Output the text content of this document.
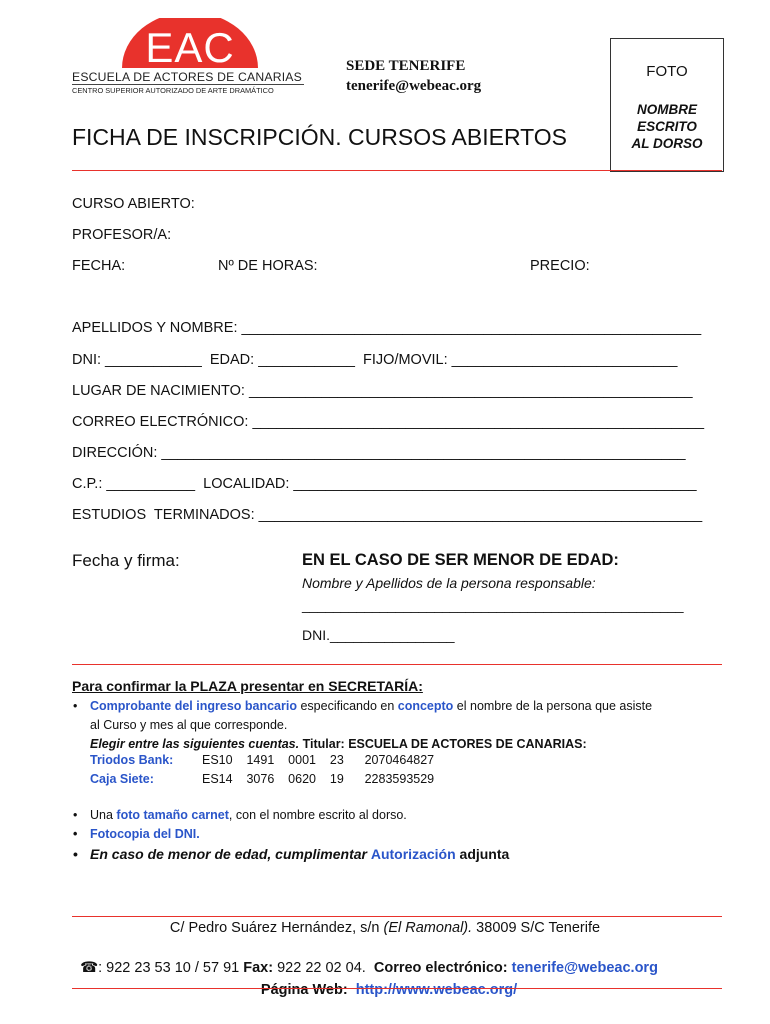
EAC
ESCUELA DE ACTORES DE CANARIAS
CENTRO SUPERIOR AUTORIZADO DE ARTE DRAMÁTICO
SEDE TENERIFE
tenerife@webeac.org
FOTO
NOMBRE
ESCRITO
AL DORSO
FICHA DE INSCRIPCIÓN. CURSOS ABIERTOS
CURSO ABIERTO:
PROFESOR/A:
FECHA:	Nº DE HORAS:	PRECIO:
APELLIDOS Y NOMBRE: _________________________________________________________
DNI: ____________  EDAD: ____________  FIJO/MOVIL: ____________________________
LUGAR DE NACIMIENTO: _______________________________________________________
CORREO ELECTRÓNICO: ________________________________________________________
DIRECCIÓN: _________________________________________________________________
C.P.: ___________  LOCALIDAD: __________________________________________________
ESTUDIOS  TERMINADOS: _______________________________________________________
Fecha y firma:	EN EL CASO DE SER MENOR DE EDAD:
Nombre y Apellidos de la persona responsable:
_________________________________________________
DNI.________________
Para confirmar la PLAZA presentar en SECRETARÍA:
• Comprobante del ingreso bancario especificando en concepto el nombre de la persona que asiste
al Curso y mes al que corresponde.
Elegir entre las siguientes cuentas. Titular: ESCUELA DE ACTORES DE CANARIAS:
Triodos Bank: ES10    1491    0001    23      2070464827
Caja Siete:	ES14    3076    0620    19      2283593529
• Una foto tamaño carnet, con el nombre escrito al dorso.
• Fotocopia del DNI.
• En caso de menor de edad, cumplimentar Autorización adjunta
C/ Pedro Suárez Hernández, s/n (El Ramonal). 38009 S/C Tenerife

☎: 922 23 53 10 / 57 91 Fax: 922 22 02 04.  Correo electrónico: tenerife@webeac.org

Página Web:  http://www.webeac.org/
